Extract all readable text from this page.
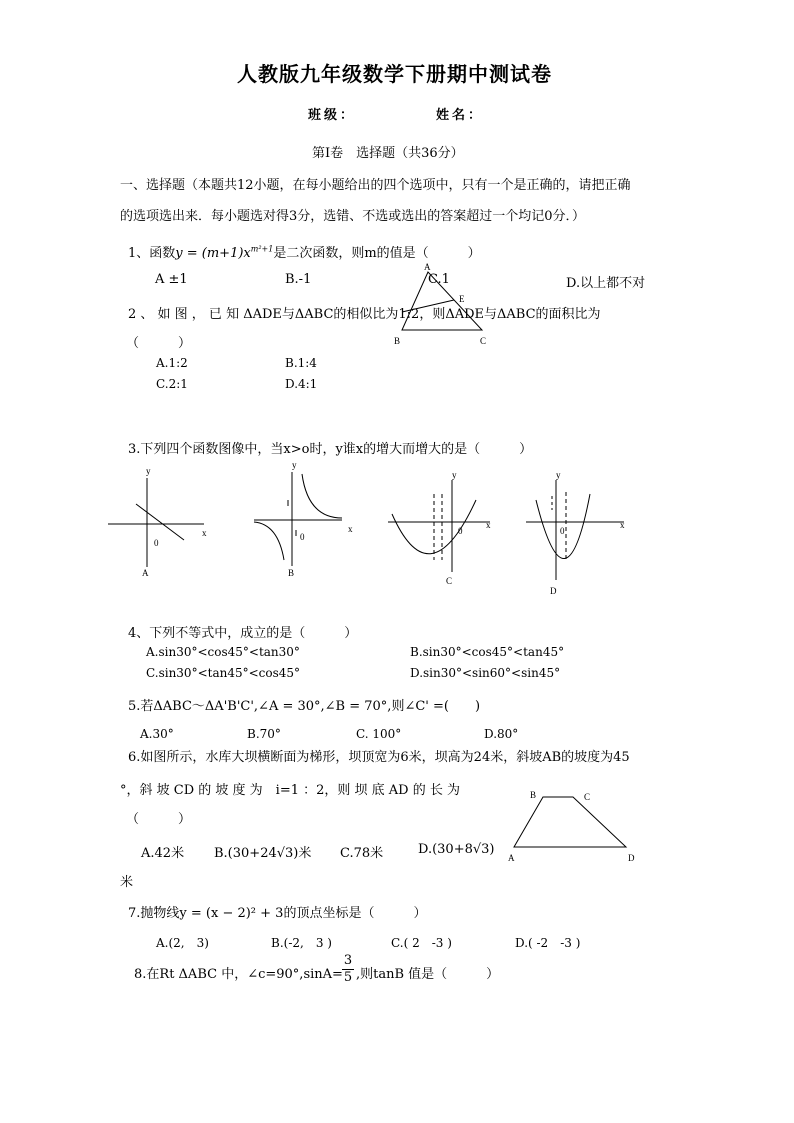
人教版九年级数学下册期中测试卷
班级：	姓名：
第Ⅰ卷　选择题（共36分）
一、选择题（本题共12小题，在每小题给出的四个选项中，只有一个是正确的，请把正确
的选项选出来．每小题选对得3分，选错、不选或选出的答案超过一个均记0分．）
1、函数$y = (m+1)x^{m^2+1}$是二次函数，则m的值是（　　　）
A ±1	B.-1	C.1	D.以上都不对
A
E
B	C
2 、 如 图 ， 已 知 ΔADE与ΔABC的相似比为1:2，则ΔADE与ΔABC的面积比为
（　　　）
A.1:2	B.1:4
C.2:1	D.4:1
3.下列四个函数图像中，当x>o时，y谁x的增大而增大的是（　　　）
y
x
0
A
y
x
0
B
y
x
0
C
y
x
0
D
4、下列不等式中，成立的是（　　　）
A.sin30°<cos45°<tan30°	B.sin30°<cos45°<tan45°
C.sin30°<tan45°<cos45°	D.sin30°<sin60°<sin45°
5.若ΔABC～ΔA'B'C',∠A = 30°,∠B = 70°,则∠C' =(　　)
A.30°	B.70°	C. 100°	D.80°
6.如图所示，水库大坝横断面为梯形，坝顶宽为6米，坝高为24米，斜坡AB的坡度为45
°，斜 坡 CD 的 坡 度 为　i=1 ：2，则 坝 底 AD 的 长 为
（　　　）
B	C
A	D
A.42米 B.(30+24√3)米 C.78米	D.(30+8√3)
米
7.抛物线y = (x − 2)² + 3的顶点坐标是（　　　）
A.(2,　3)	B.(-2,　3 )	C.( 2　-3 )	D.( -2　-3 )
8.在Rt ΔABC 中，∠c=90°,sinA= $\frac{3}{5}$ ,则tanB 值是（　　　）
